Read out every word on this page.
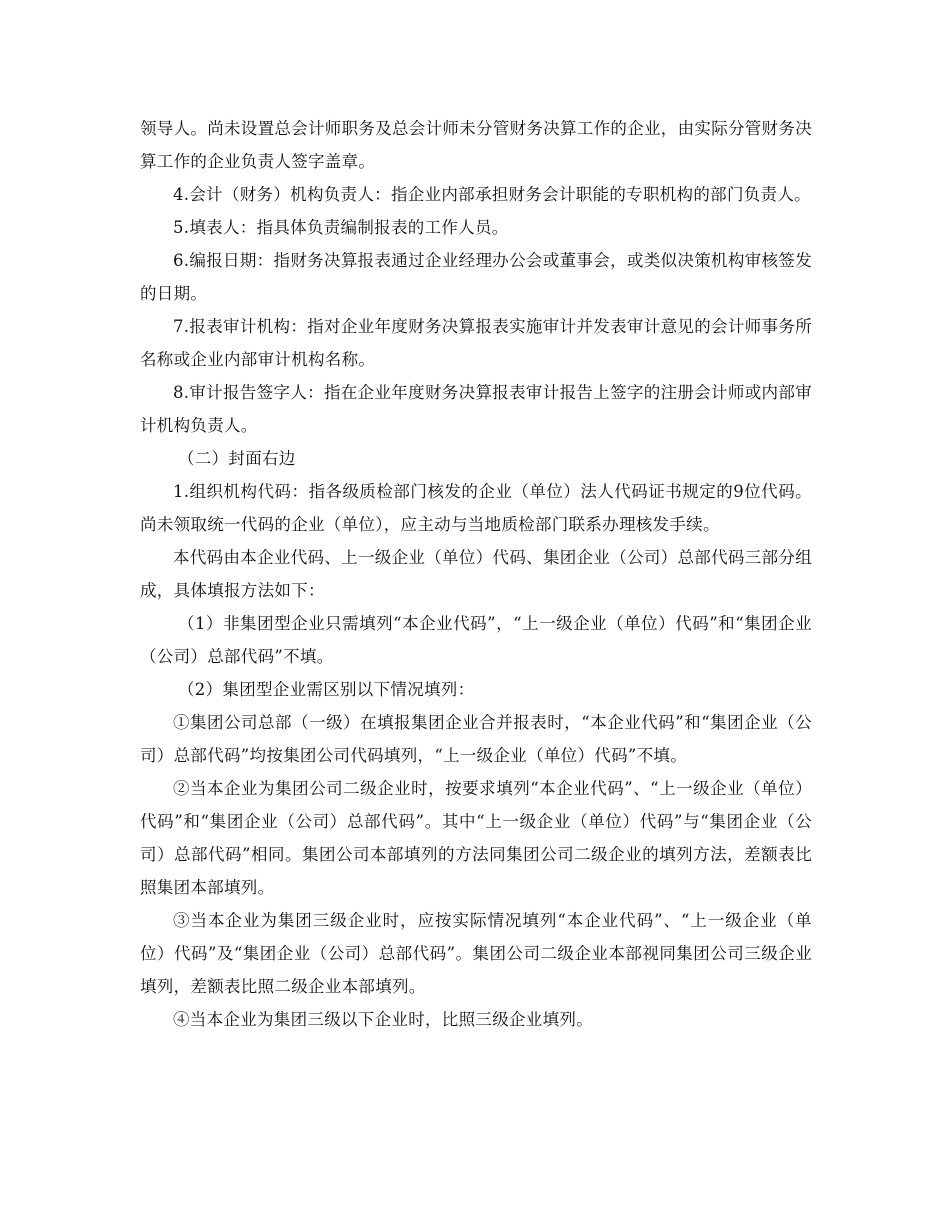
领导人。尚未设置总会计师职务及总会计师未分管财务决算工作的企业，由实际分管财务决算工作的企业负责人签字盖章。

4.会计（财务）机构负责人：指企业内部承担财务会计职能的专职机构的部门负责人。

5.填表人：指具体负责编制报表的工作人员。

6.编报日期：指财务决算报表通过企业经理办公会或董事会，或类似决策机构审核签发的日期。

7.报表审计机构：指对企业年度财务决算报表实施审计并发表审计意见的会计师事务所名称或企业内部审计机构名称。

8.审计报告签字人：指在企业年度财务决算报表审计报告上签字的注册会计师或内部审计机构负责人。

（二）封面右边

1.组织机构代码：指各级质检部门核发的企业（单位）法人代码证书规定的9位代码。尚未领取统一代码的企业（单位），应主动与当地质检部门联系办理核发手续。

本代码由本企业代码、上一级企业（单位）代码、集团企业（公司）总部代码三部分组成，具体填报方法如下：

（1）非集团型企业只需填列“本企业代码”，“上一级企业（单位）代码”和“集团企业（公司）总部代码”不填。

（2）集团型企业需区别以下情况填列：

①集团公司总部（一级）在填报集团企业合并报表时，“本企业代码”和“集团企业（公司）总部代码”均按集团公司代码填列，“上一级企业（单位）代码”不填。

②当本企业为集团公司二级企业时，按要求填列“本企业代码”、“上一级企业（单位）代码”和“集团企业（公司）总部代码”。其中“上一级企业（单位）代码”与“集团企业（公司）总部代码”相同。集团公司本部填列的方法同集团公司二级企业的填列方法，差额表比照集团本部填列。

③当本企业为集团三级企业时，应按实际情况填列“本企业代码”、“上一级企业（单位）代码”及“集团企业（公司）总部代码”。集团公司二级企业本部视同集团公司三级企业填列，差额表比照二级企业本部填列。

④当本企业为集团三级以下企业时，比照三级企业填列。
